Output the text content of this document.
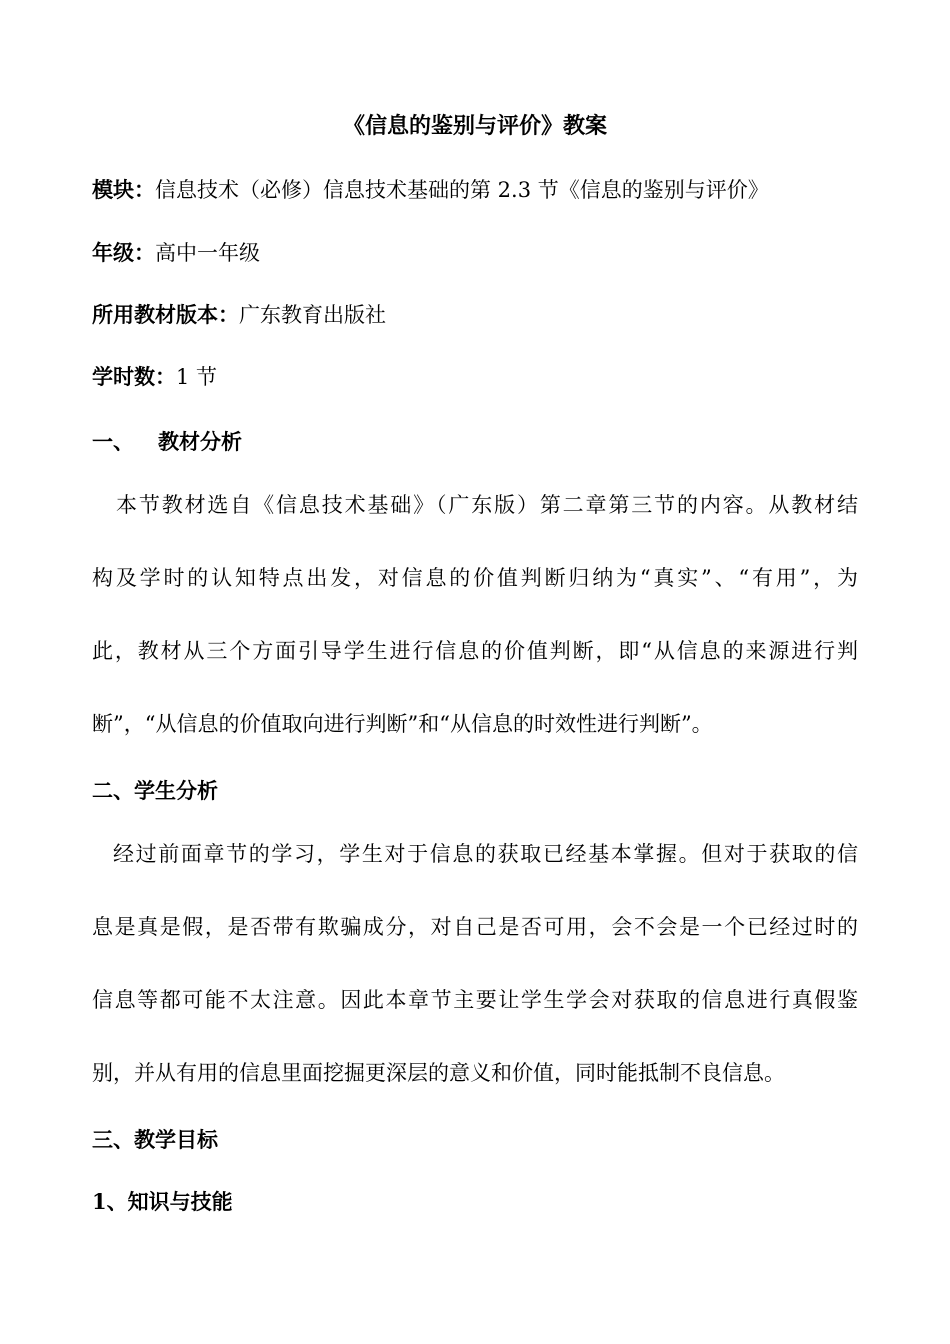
《信息的鉴别与评价》教案
模块：信息技术（必修）信息技术基础的第 2.3 节《信息的鉴别与评价》
年级：高中一年级
所用教材版本：广东教育出版社
学时数：1 节
一、 教材分析
本节教材选自《信息技术基础》（广东版）第二章第三节的内容。从教材结
构及学时的认知特点出发，对信息的价值判断归纳为“真实”、“有用”，为
此，教材从三个方面引导学生进行信息的价值判断，即“从信息的来源进行判
断”，“从信息的价值取向进行判断”和“从信息的时效性进行判断”。
二、学生分析
经过前面章节的学习，学生对于信息的获取已经基本掌握。但对于获取的信
息是真是假，是否带有欺骗成分，对自己是否可用，会不会是一个已经过时的
信息等都可能不太注意。因此本章节主要让学生学会对获取的信息进行真假鉴
别，并从有用的信息里面挖掘更深层的意义和价值，同时能抵制不良信息。
三、教学目标
1、知识与技能
